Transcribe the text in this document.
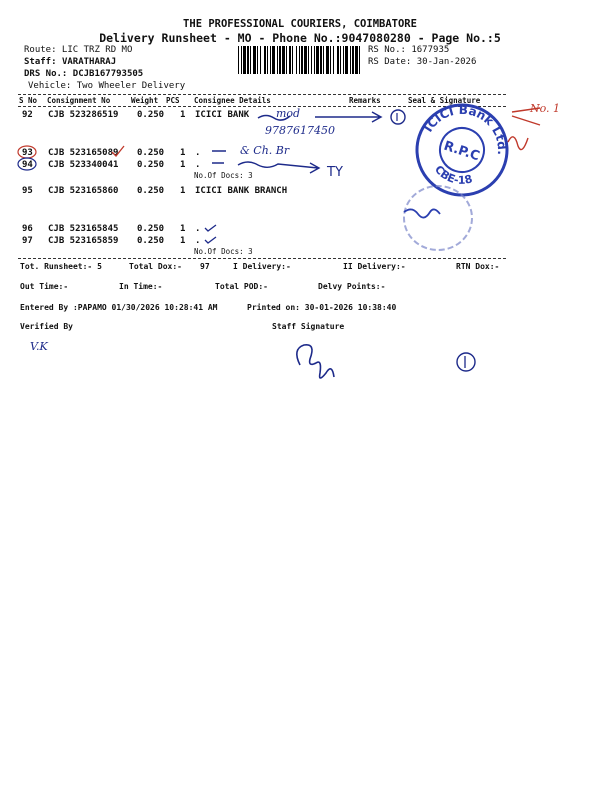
THE PROFESSIONAL COURIERS, COIMBATORE
Delivery Runsheet - MO - Phone No.:9047080280 - Page No.:5
Route: LIC TRZ RD MO
Staff: VARATHARAJ
DRS No.: DCJB167793505
Vehicle: Two Wheeler Delivery
RS No.: 1677935
RS Date: 30-Jan-2026
S No Consignment No	Weight PCS Consignee Details	Remarks	Seal & Signature
92 CJB 523286519 0.250 1 ICICI BANK
93 CJB 523165089 0.250 1 .
94 CJB 523340041 0.250 1 .
No.Of Docs: 3
95 CJB 523165860 0.250 1 ICICI BANK BRANCH
96 CJB 523165845 0.250 1 .
97 CJB 523165859 0.250 1 .
No.Of Docs: 3
Tot. Runsheet:- 5	Total Dox:- 97	I Delivery:-	II Delivery:-	RTN Dox:-
Out Time:-	In Time:-	Total POD:-	Delvy Points:-
Entered By :PAPAMO 01/30/2026 10:28:41 AM	Printed on: 30-01-2026 10:38:40
Verified By	Staff Signature
ICICI Bank Ltd.
CBE-18
R.P.C
mod
9787617450
No. 1
& Ch. Br
TY
V.K
